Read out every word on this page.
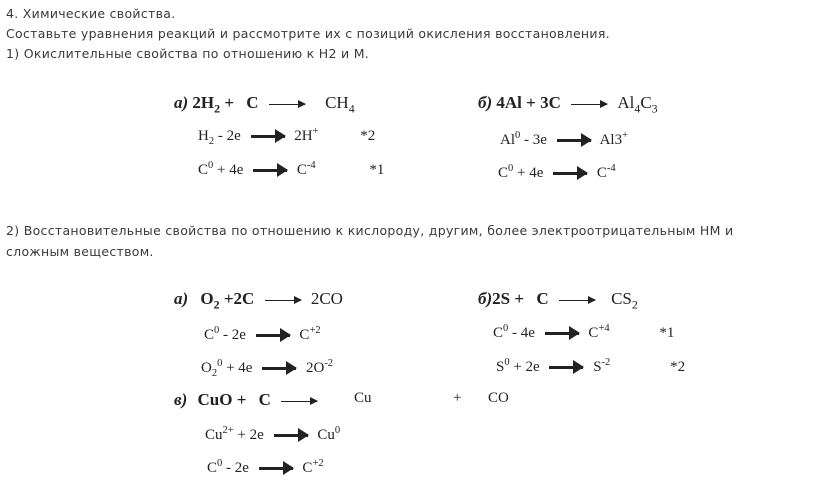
4. Химические свойства.
Составьте уравнения реакций и рассмотрите их с позиций окисления восстановления.
1) Окислительные свойства по отношению к Н2 и М.
а) $2H_2 + C$	$CH_4$
$H_2 - 2e$	2H+	*2
$C^0 + 4e$	$C^{-4}$	*1
б) 4Al + 3C	$Al_4C_3$
Al$^0$ - 3e	Al3+
$C^0 + 4e$	$C^{-4}$
2) Восстановительные свойства по отношению к кислороду, другим, более электроотрицательным НМ и
сложным веществом.
а) $O_2 +2C$	2CO
$C^0 - 2e$	$C^{+2}$
$O_2^0 + 4e$	$2O^{-2}$
б)2S + C	$CS_2$
$C^0 - 4e$	$C^{+4}$	*1
$S^0 + 2e$	$S^{-2}$	*2
в) CuO + C	Cu	+ CO
$Cu^{2+} + 2e$	Cu$^0$
$C^0 - 2e$	$C^{+2}$
